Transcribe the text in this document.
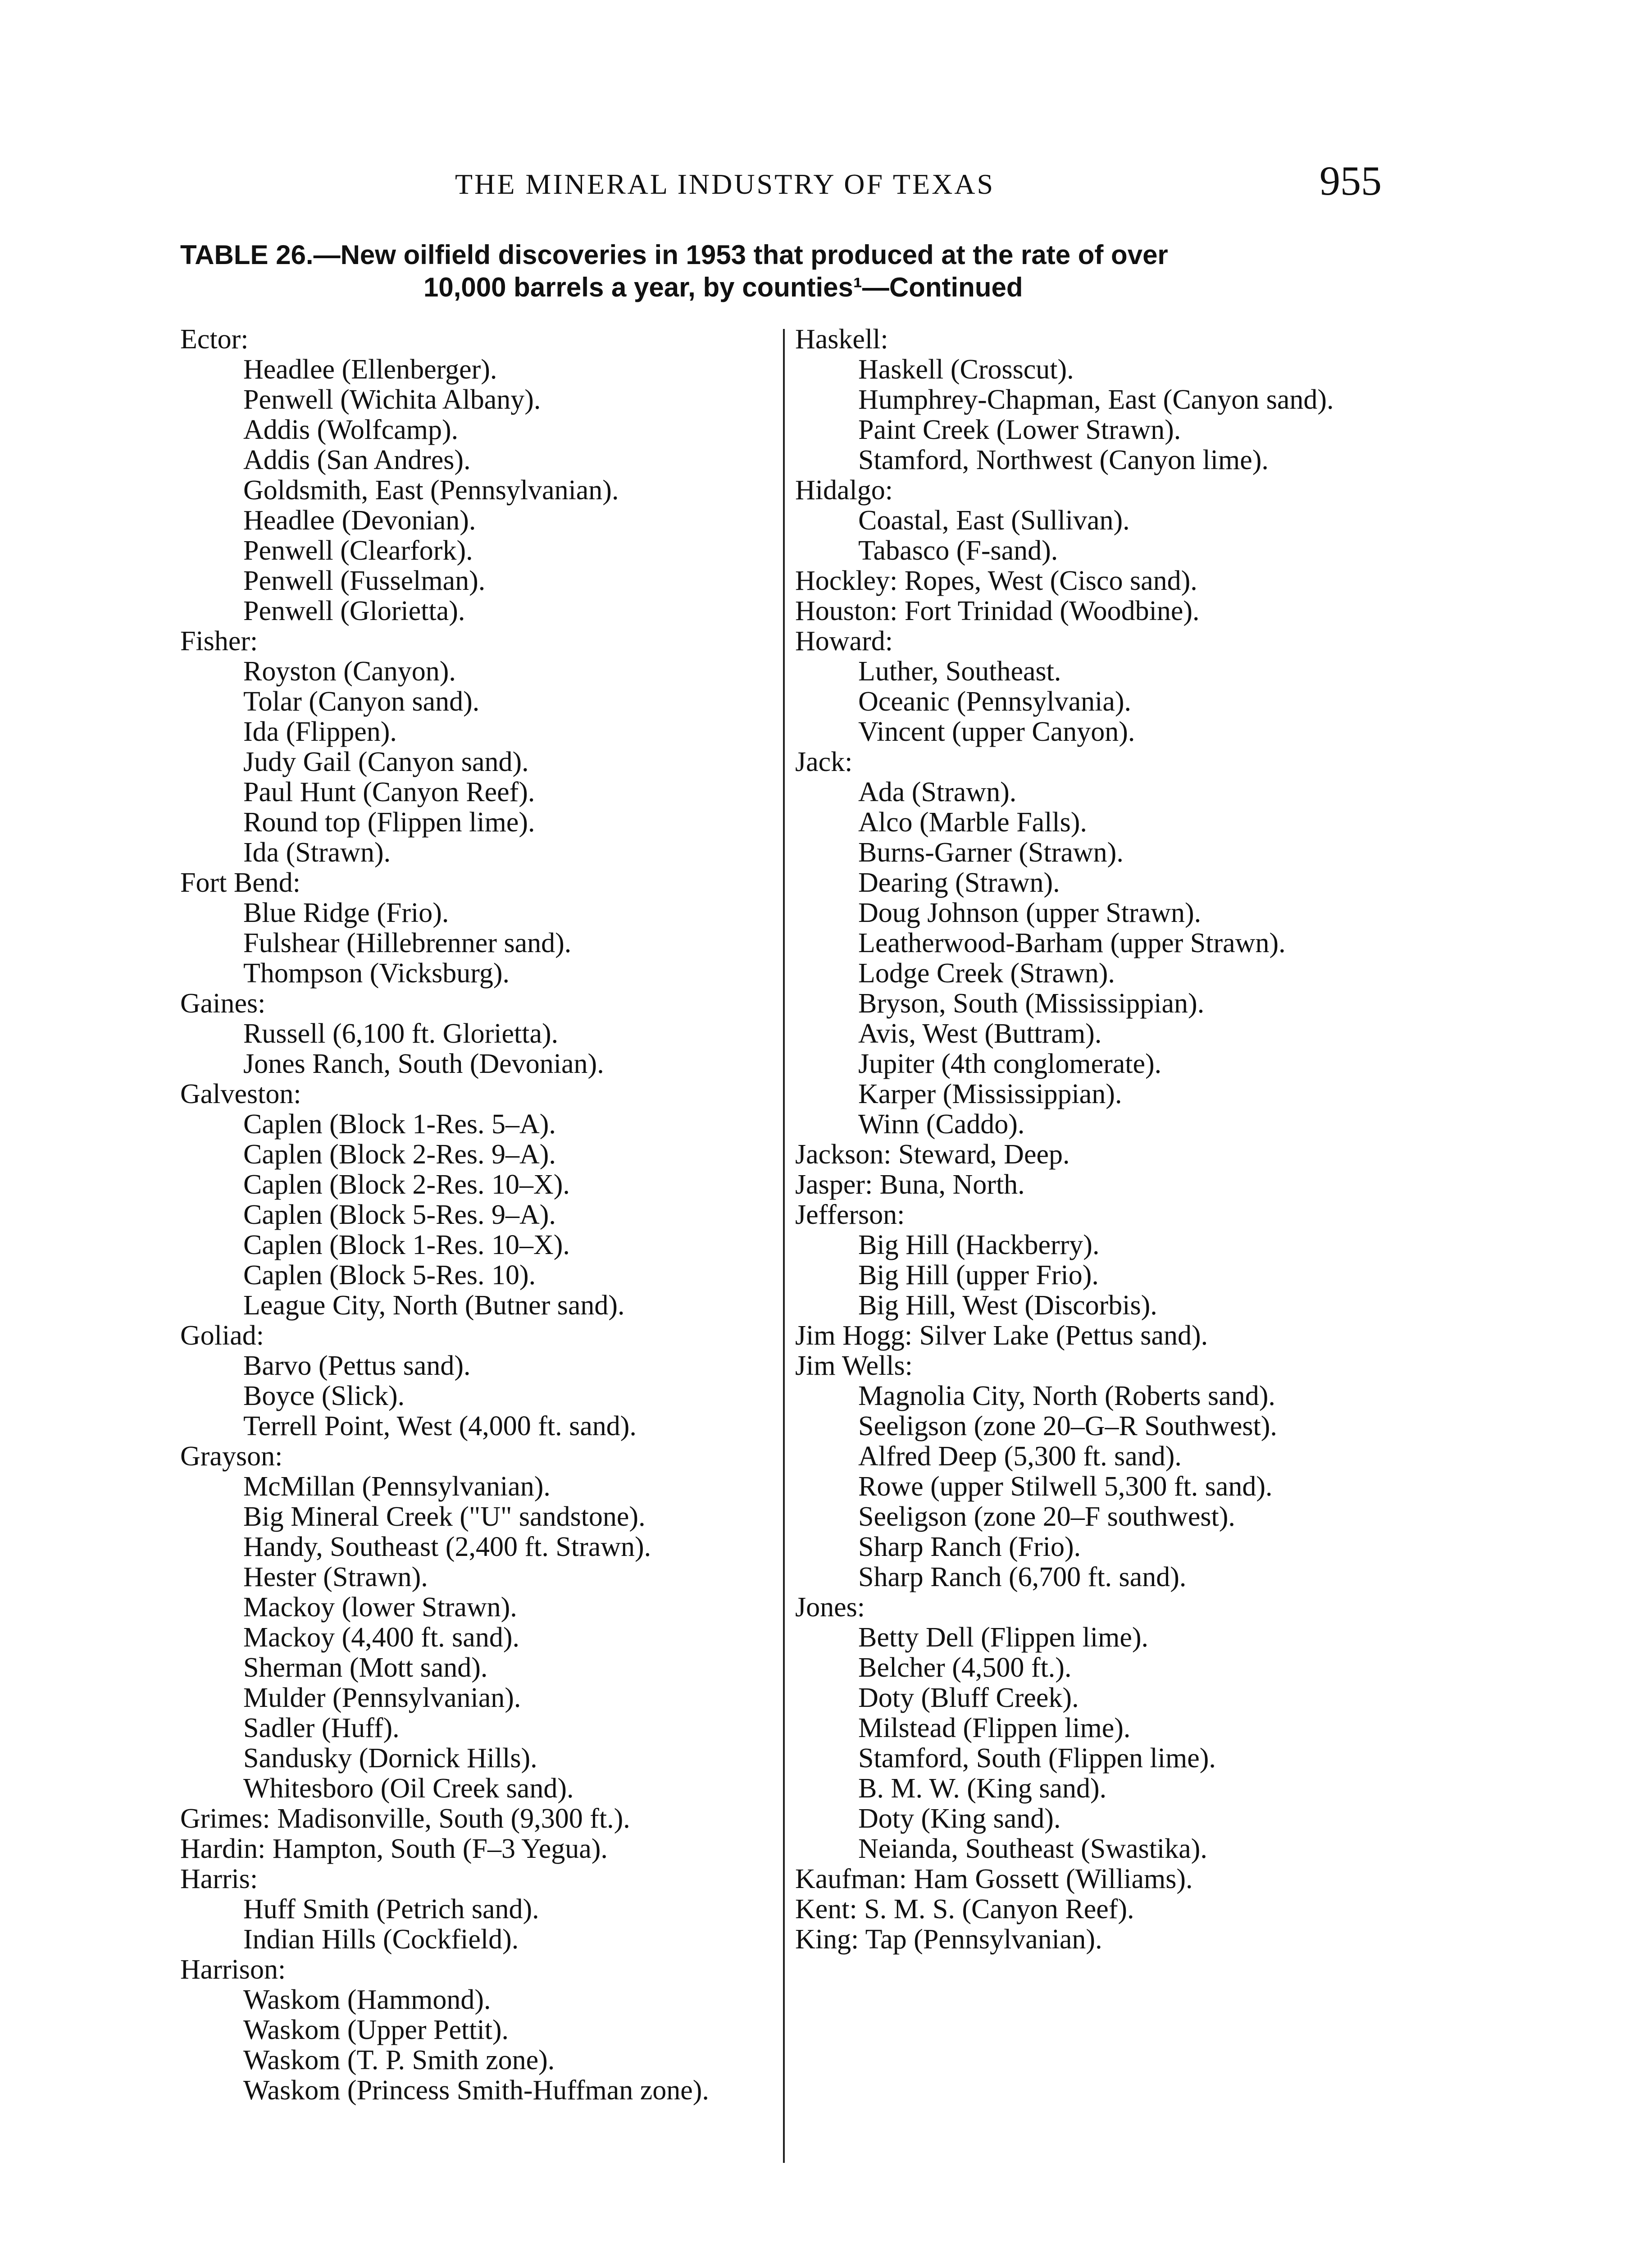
THE MINERAL INDUSTRY OF TEXAS	955
TABLE 26.—New oilfield discoveries in 1953 that produced at the rate of over
10,000 barrels a year, by counties¹—Continued
Ector:
Headlee (Ellenberger).
Penwell (Wichita Albany).
Addis (Wolfcamp).
Addis (San Andres).
Goldsmith, East (Pennsylvanian).
Headlee (Devonian).
Penwell (Clearfork).
Penwell (Fusselman).
Penwell (Glorietta).
Fisher:
Royston (Canyon).
Tolar (Canyon sand).
Ida (Flippen).
Judy Gail (Canyon sand).
Paul Hunt (Canyon Reef).
Round top (Flippen lime).
Ida (Strawn).
Fort Bend:
Blue Ridge (Frio).
Fulshear (Hillebrenner sand).
Thompson (Vicksburg).
Gaines:
Russell (6,100 ft. Glorietta).
Jones Ranch, South (Devonian).
Galveston:
Caplen (Block 1-Res. 5–A).
Caplen (Block 2-Res. 9–A).
Caplen (Block 2-Res. 10–X).
Caplen (Block 5-Res. 9–A).
Caplen (Block 1-Res. 10–X).
Caplen (Block 5-Res. 10).
League City, North (Butner sand).
Goliad:
Barvo (Pettus sand).
Boyce (Slick).
Terrell Point, West (4,000 ft. sand).
Grayson:
McMillan (Pennsylvanian).
Big Mineral Creek ("U" sandstone).
Handy, Southeast (2,400 ft. Strawn).
Hester (Strawn).
Mackoy (lower Strawn).
Mackoy (4,400 ft. sand).
Sherman (Mott sand).
Mulder (Pennsylvanian).
Sadler (Huff).
Sandusky (Dornick Hills).
Whitesboro (Oil Creek sand).
Grimes: Madisonville, South (9,300 ft.).
Hardin: Hampton, South (F–3 Yegua).
Harris:
Huff Smith (Petrich sand).
Indian Hills (Cockfield).
Harrison:
Waskom (Hammond).
Waskom (Upper Pettit).
Waskom (T. P. Smith zone).
Waskom (Princess Smith-Huffman zone).
Haskell:
Haskell (Crosscut).
Humphrey-Chapman, East (Canyon sand).
Paint Creek (Lower Strawn).
Stamford, Northwest (Canyon lime).
Hidalgo:
Coastal, East (Sullivan).
Tabasco (F-sand).
Hockley: Ropes, West (Cisco sand).
Houston: Fort Trinidad (Woodbine).
Howard:
Luther, Southeast.
Oceanic (Pennsylvania).
Vincent (upper Canyon).
Jack:
Ada (Strawn).
Alco (Marble Falls).
Burns-Garner (Strawn).
Dearing (Strawn).
Doug Johnson (upper Strawn).
Leatherwood-Barham (upper Strawn).
Lodge Creek (Strawn).
Bryson, South (Mississippian).
Avis, West (Buttram).
Jupiter (4th conglomerate).
Karper (Mississippian).
Winn (Caddo).
Jackson: Steward, Deep.
Jasper: Buna, North.
Jefferson:
Big Hill (Hackberry).
Big Hill (upper Frio).
Big Hill, West (Discorbis).
Jim Hogg: Silver Lake (Pettus sand).
Jim Wells:
Magnolia City, North (Roberts sand).
Seeligson (zone 20–G–R Southwest).
Alfred Deep (5,300 ft. sand).
Rowe (upper Stilwell 5,300 ft. sand).
Seeligson (zone 20–F southwest).
Sharp Ranch (Frio).
Sharp Ranch (6,700 ft. sand).
Jones:
Betty Dell (Flippen lime).
Belcher (4,500 ft.).
Doty (Bluff Creek).
Milstead (Flippen lime).
Stamford, South (Flippen lime).
B. M. W. (King sand).
Doty (King sand).
Neianda, Southeast (Swastika).
Kaufman: Ham Gossett (Williams).
Kent: S. M. S. (Canyon Reef).
King: Tap (Pennsylvanian).
